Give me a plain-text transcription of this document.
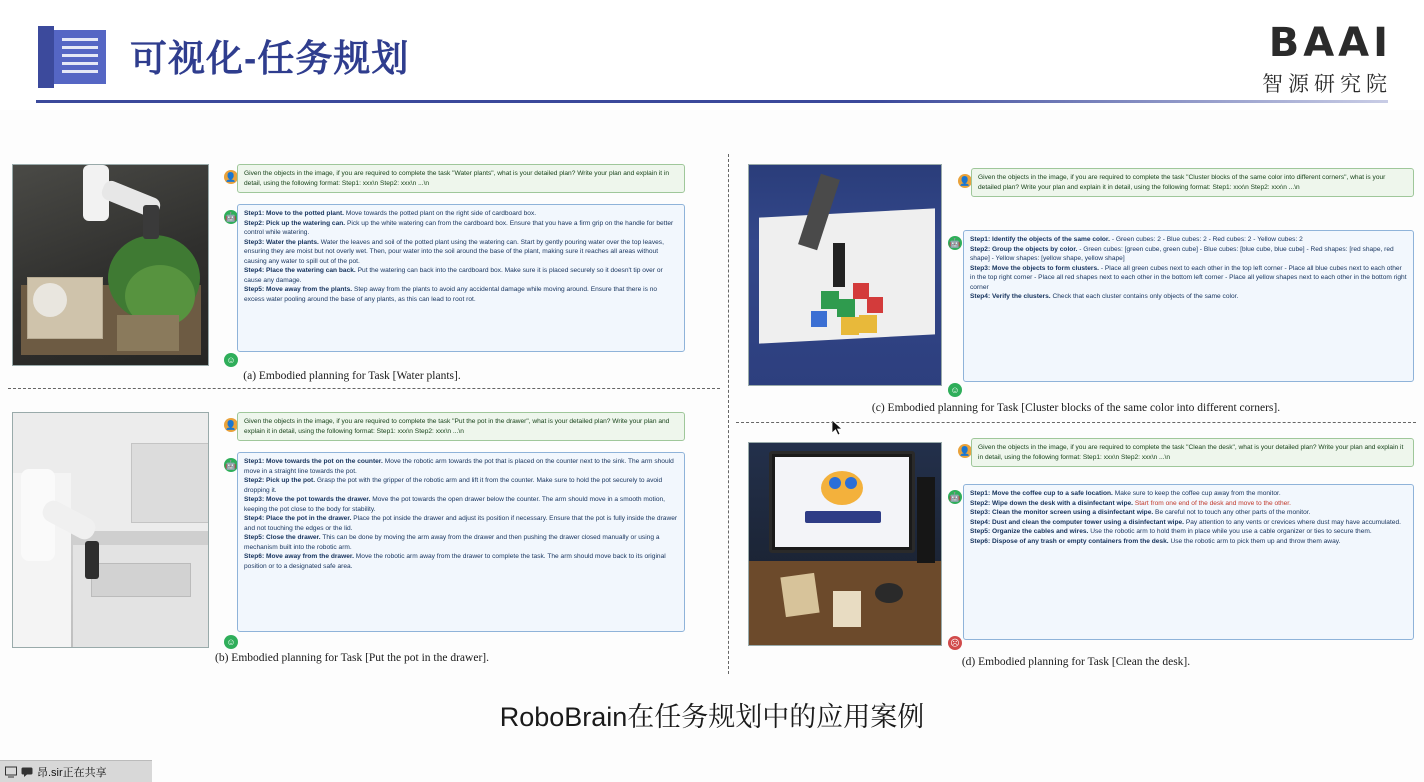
可视化-任务规划	BAAI
智源研究院
👤	Given the objects in the image, if you are required to complete the task "Water plants", what is your detailed plan? Write your plan and explain it in detail, using the following format: Step1: xxx\n Step2: xxx\n ...\n
🤖 Step1: Move to the potted plant. Move towards the potted plant on the right side of cardboard box.
Step2: Pick up the watering can. Pick up the white watering can from the cardboard box. Ensure that you have a firm grip on the handle for better control while watering.
Step3: Water the plants. Water the leaves and soil of the potted plant using the watering can. Start by gently pouring water over the top leaves, ensuring they are moist but not overly wet. Then, pour water into the soil around the base of the plant, making sure it reaches all areas without causing any water to spill out of the pot.
Step4: Place the watering can back. Put the watering can back into the cardboard box. Make sure it is placed securely so it doesn't tip over or cause any damage.
Step5: Move away from the plants. Step away from the plants to avoid any accidental damage while moving around. Ensure that there is no excess water pooling around the base of any plants, as this can lead to root rot.
☺
(a) Embodied planning for Task [Water plants].
👤	Given the objects in the image, if you are required to complete the task "Put the pot in the drawer", what is your detailed plan? Write your plan and explain it in detail, using the following format: Step1: xxx\n Step2: xxx\n ...\n
🤖 Step1: Move towards the pot on the counter. Move the robotic arm towards the pot that is placed on the counter next to the sink. The arm should move in a straight line towards the pot.
Step2: Pick up the pot. Grasp the pot with the gripper of the robotic arm and lift it from the counter. Make sure to hold the pot securely to avoid dropping it.
Step3: Move the pot towards the drawer. Move the pot towards the open drawer below the counter. The arm should move in a smooth motion, keeping the pot close to the body for stability.
Step4: Place the pot in the drawer. Place the pot inside the drawer and adjust its position if necessary. Ensure that the pot is fully inside the drawer and not touching the edges or the lid.
Step5: Close the drawer. This can be done by moving the arm away from the drawer and then pushing the drawer closed manually or using a mechanism built into the robotic arm.
Step6: Move away from the drawer. Move the robotic arm away from the drawer to complete the task. The arm should move back to its original position or to a designated safe area.
☺
(b) Embodied planning for Task [Put the pot in the drawer].
👤	Given the objects in the image, if you are required to complete the task "Cluster blocks of the same color into different corners", what is your detailed plan? Write your plan and explain it in detail, using the following format: Step1: xxx\n Step2: xxx\n ...\n
🤖 Step1: Identify the objects of the same color. - Green cubes: 2 - Blue cubes: 2 - Red cubes: 2 - Yellow cubes: 2
Step2: Group the objects by color. - Green cubes: [green cube, green cube] - Blue cubes: [blue cube, blue cube] - Red shapes: [red shape, red shape] - Yellow shapes: [yellow shape, yellow shape]
Step3: Move the objects to form clusters. - Place all green cubes next to each other in the top left corner - Place all blue cubes next to each other in the top right corner - Place all red shapes next to each other in the bottom left corner - Place all yellow shapes next to each other in the bottom right corner
Step4: Verify the clusters. Check that each cluster contains only objects of the same color.
☺
(c) Embodied planning for Task [Cluster blocks of the same color into different corners].
👤	Given the objects in the image, if you are required to complete the task "Clean the desk", what is your detailed plan? Write your plan and explain it in detail, using the following format: Step1: xxx\n Step2: xxx\n ...\n
🤖 Step1: Move the coffee cup to a safe location. Make sure to keep the coffee cup away from the monitor.
Step2: Wipe down the desk with a disinfectant wipe. Start from one end of the desk and move to the other.
Step3: Clean the monitor screen using a disinfectant wipe. Be careful not to touch any other parts of the monitor.
Step4: Dust and clean the computer tower using a disinfectant wipe. Pay attention to any vents or crevices where dust may have accumulated.
Step5: Organize the cables and wires. Use the robotic arm to hold them in place while you use a cable organizer or ties to secure them.
Step6: Dispose of any trash or empty containers from the desk. Use the robotic arm to pick them up and throw them away.
☹
(d) Embodied planning for Task [Clean the desk].
RoboBrain在任务规划中的应用案例
昂.sir正在共享
